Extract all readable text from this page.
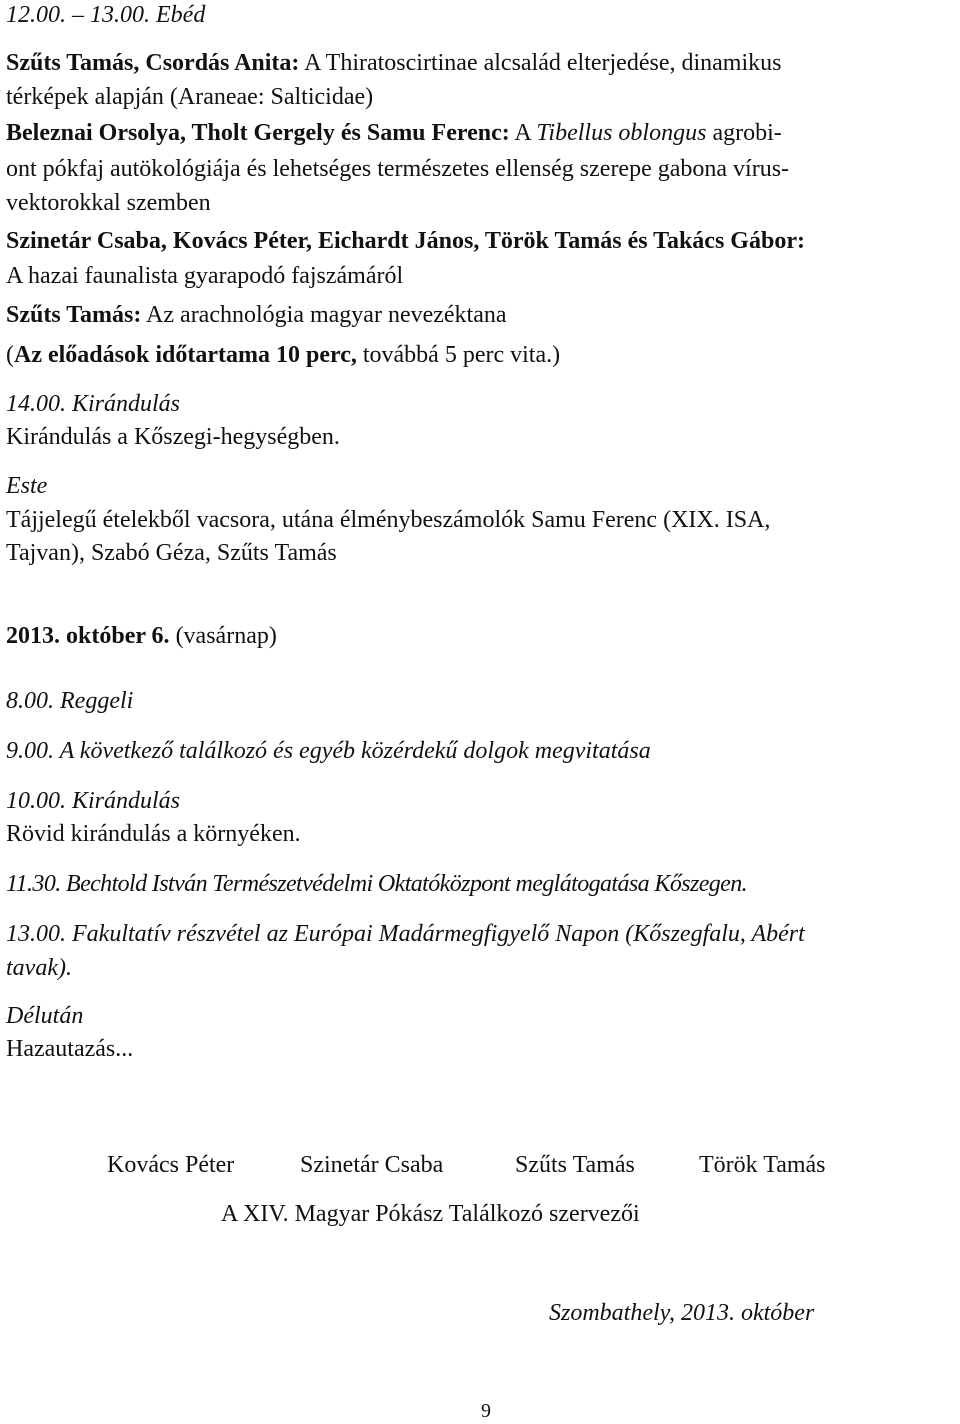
12.00. – 13.00. Ebéd
Szűts Tamás, Csordás Anita: A Thiratoscirtinae alcsalád elterjedése, dinamikus
térképek alapján (Araneae: Salticidae)
Beleznai Orsolya, Tholt Gergely és Samu Ferenc: A Tibellus oblongus agrobi-
ont pókfaj autökológiája és lehetséges természetes ellenség szerepe gabona vírus-
vektorokkal szemben
Szinetár Csaba, Kovács Péter, Eichardt János, Török Tamás és Takács Gábor:
A hazai faunalista gyarapodó fajszámáról
Szűts Tamás: Az arachnológia magyar nevezéktana
(Az előadások időtartama 10 perc, továbbá 5 perc vita.)
14.00. Kirándulás
Kirándulás a Kőszegi-hegységben.
Este
Tájjelegű ételekből vacsora, utána élménybeszámolók Samu Ferenc (XIX. ISA,
Tajvan), Szabó Géza, Szűts Tamás
2013. október 6. (vasárnap)
8.00. Reggeli
9.00. A következő találkozó és egyéb közérdekű dolgok megvitatása
10.00. Kirándulás
Rövid kirándulás a környéken.
11.30. Bechtold István Természetvédelmi Oktatóközpont meglátogatása Kőszegen.
13.00. Fakultatív részvétel az Európai Madármegfigyelő Napon (Kőszegfalu, Abért
tavak).
Délután
Hazautazás...
Kovács Péter	Szinetár Csaba	Szűts Tamás	Török Tamás
A XIV. Magyar Pókász Találkozó szervezői
Szombathely, 2013. október
9
